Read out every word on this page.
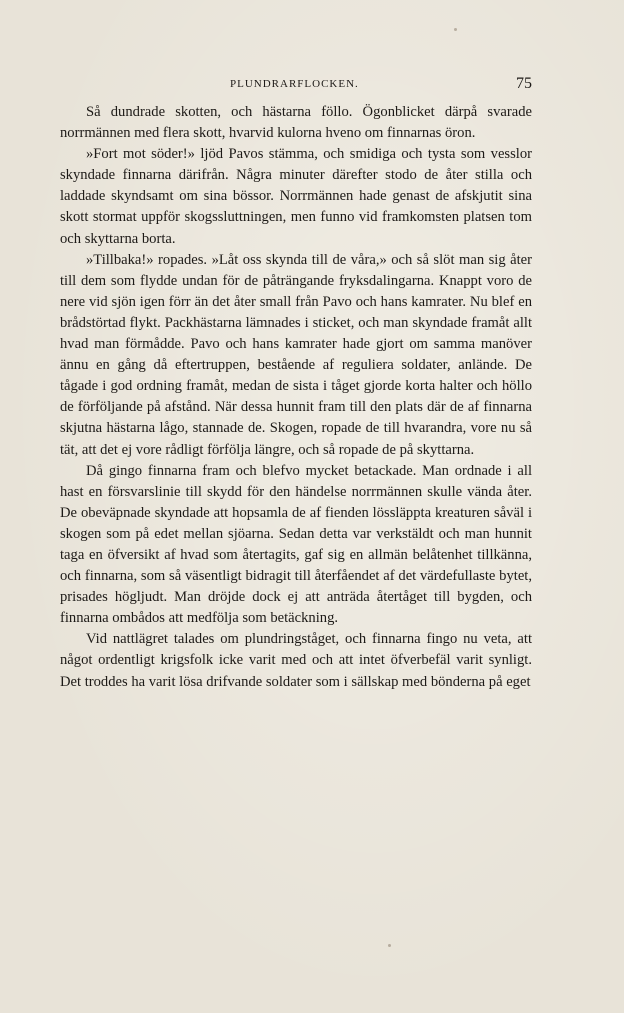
PLUNDRARFLOCKEN.	75

Så dundrade skotten, och hästarna föllo. Ögonblicket därpå svarade norrmännen med flera skott, hvarvid kulorna hveno om finnarnas öron.

»Fort mot söder!» ljöd Pavos stämma, och smidiga och tysta som vesslor skyndade finnarna därifrån. Några minuter därefter stodo de åter stilla och laddade skyndsamt om sina bössor. Norrmännen hade genast de afskjutit sina skott stormat uppför skogssluttningen, men funno vid framkomsten platsen tom och skyttarna borta.

»Tillbaka!» ropades. »Låt oss skynda till de våra,» och så slöt man sig åter till dem som flydde undan för de påträngande fryksdalingarna. Knappt voro de nere vid sjön igen förr än det åter small från Pavo och hans kamrater. Nu blef en brådstörtad flykt. Packhästarna lämnades i sticket, och man skyndade framåt allt hvad man förmådde. Pavo och hans kamrater hade gjort om samma manöver ännu en gång då eftertruppen, bestående af reguliera soldater, anlände. De tågade i god ordning framåt, medan de sista i tåget gjorde korta halter och höllo de förföljande på afstånd. När dessa hunnit fram till den plats där de af finnarna skjutna hästarna lågo, stannade de. Skogen, ropade de till hvarandra, vore nu så tät, att det ej vore rådligt förfölja längre, och så ropade de på skyttarna.

Då gingo finnarna fram och blefvo mycket betackade. Man ordnade i all hast en försvarslinie till skydd för den händelse norrmännen skulle vända åter. De obeväpnade skyndade att hopsamla de af fienden lössläppta kreaturen såväl i skogen som på edet mellan sjöarna. Sedan detta var verkstäldt och man hunnit taga en öfversikt af hvad som återtagits, gaf sig en allmän belåtenhet tillkänna, och finnarna, som så väsentligt bidragit till återfåendet af det värdefullaste bytet, prisades högljudt. Man dröjde dock ej att anträda återtåget till bygden, och finnarna ombådos att medfölja som betäckning.

Vid nattlägret talades om plundringståget, och finnarna fingo nu veta, att något ordentligt krigsfolk icke varit med och att intet öfverbefäl varit synligt. Det troddes ha varit lösa drifvande soldater som i sällskap med bönderna på eget
